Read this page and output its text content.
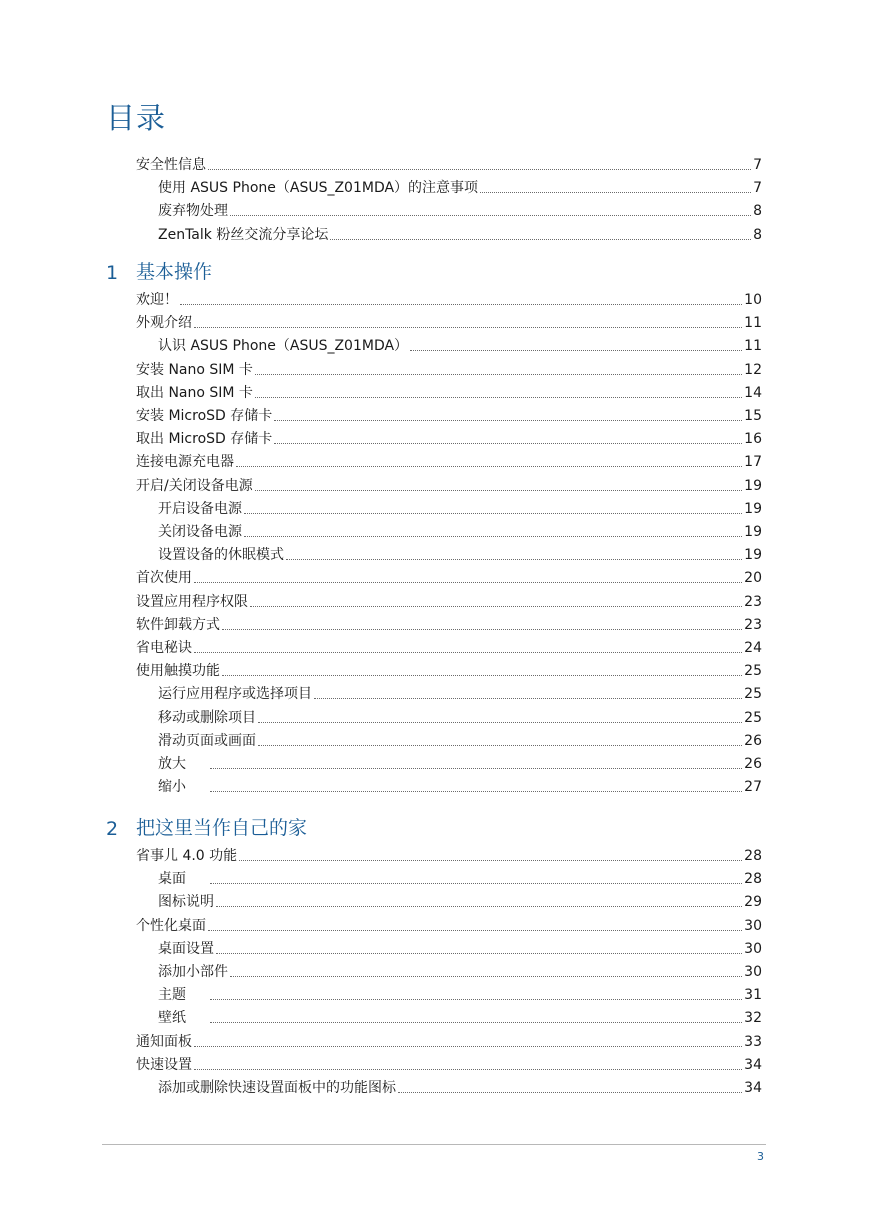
目录
安全性信息	7
使用 ASUS Phone（ASUS_Z01MDA）的注意事项	7
废弃物处理	8
ZenTalk 粉丝交流分享论坛	8
1 基本操作
欢迎！	10
外观介绍	11
认识 ASUS Phone（ASUS_Z01MDA）	11
安装 Nano SIM 卡	12
取出 Nano SIM 卡	14
安装 MicroSD 存储卡	15
取出 MicroSD 存储卡	16
连接电源充电器	17
开启/关闭设备电源	19
开启设备电源	19
关闭设备电源	19
设置设备的休眠模式	19
首次使用	20
设置应用程序权限	23
软件卸载方式	23
省电秘诀	24
使用触摸功能	25
运行应用程序或选择项目	25
移动或删除项目	25
滑动页面或画面	26
放大	26
缩小	27
2 把这里当作自己的家
省事儿 4.0 功能	28
桌面	28
图标说明	29
个性化桌面	30
桌面设置	30
添加小部件	30
主题	31
壁纸	32
通知面板	33
快速设置	34
添加或删除快速设置面板中的功能图标	34
3
